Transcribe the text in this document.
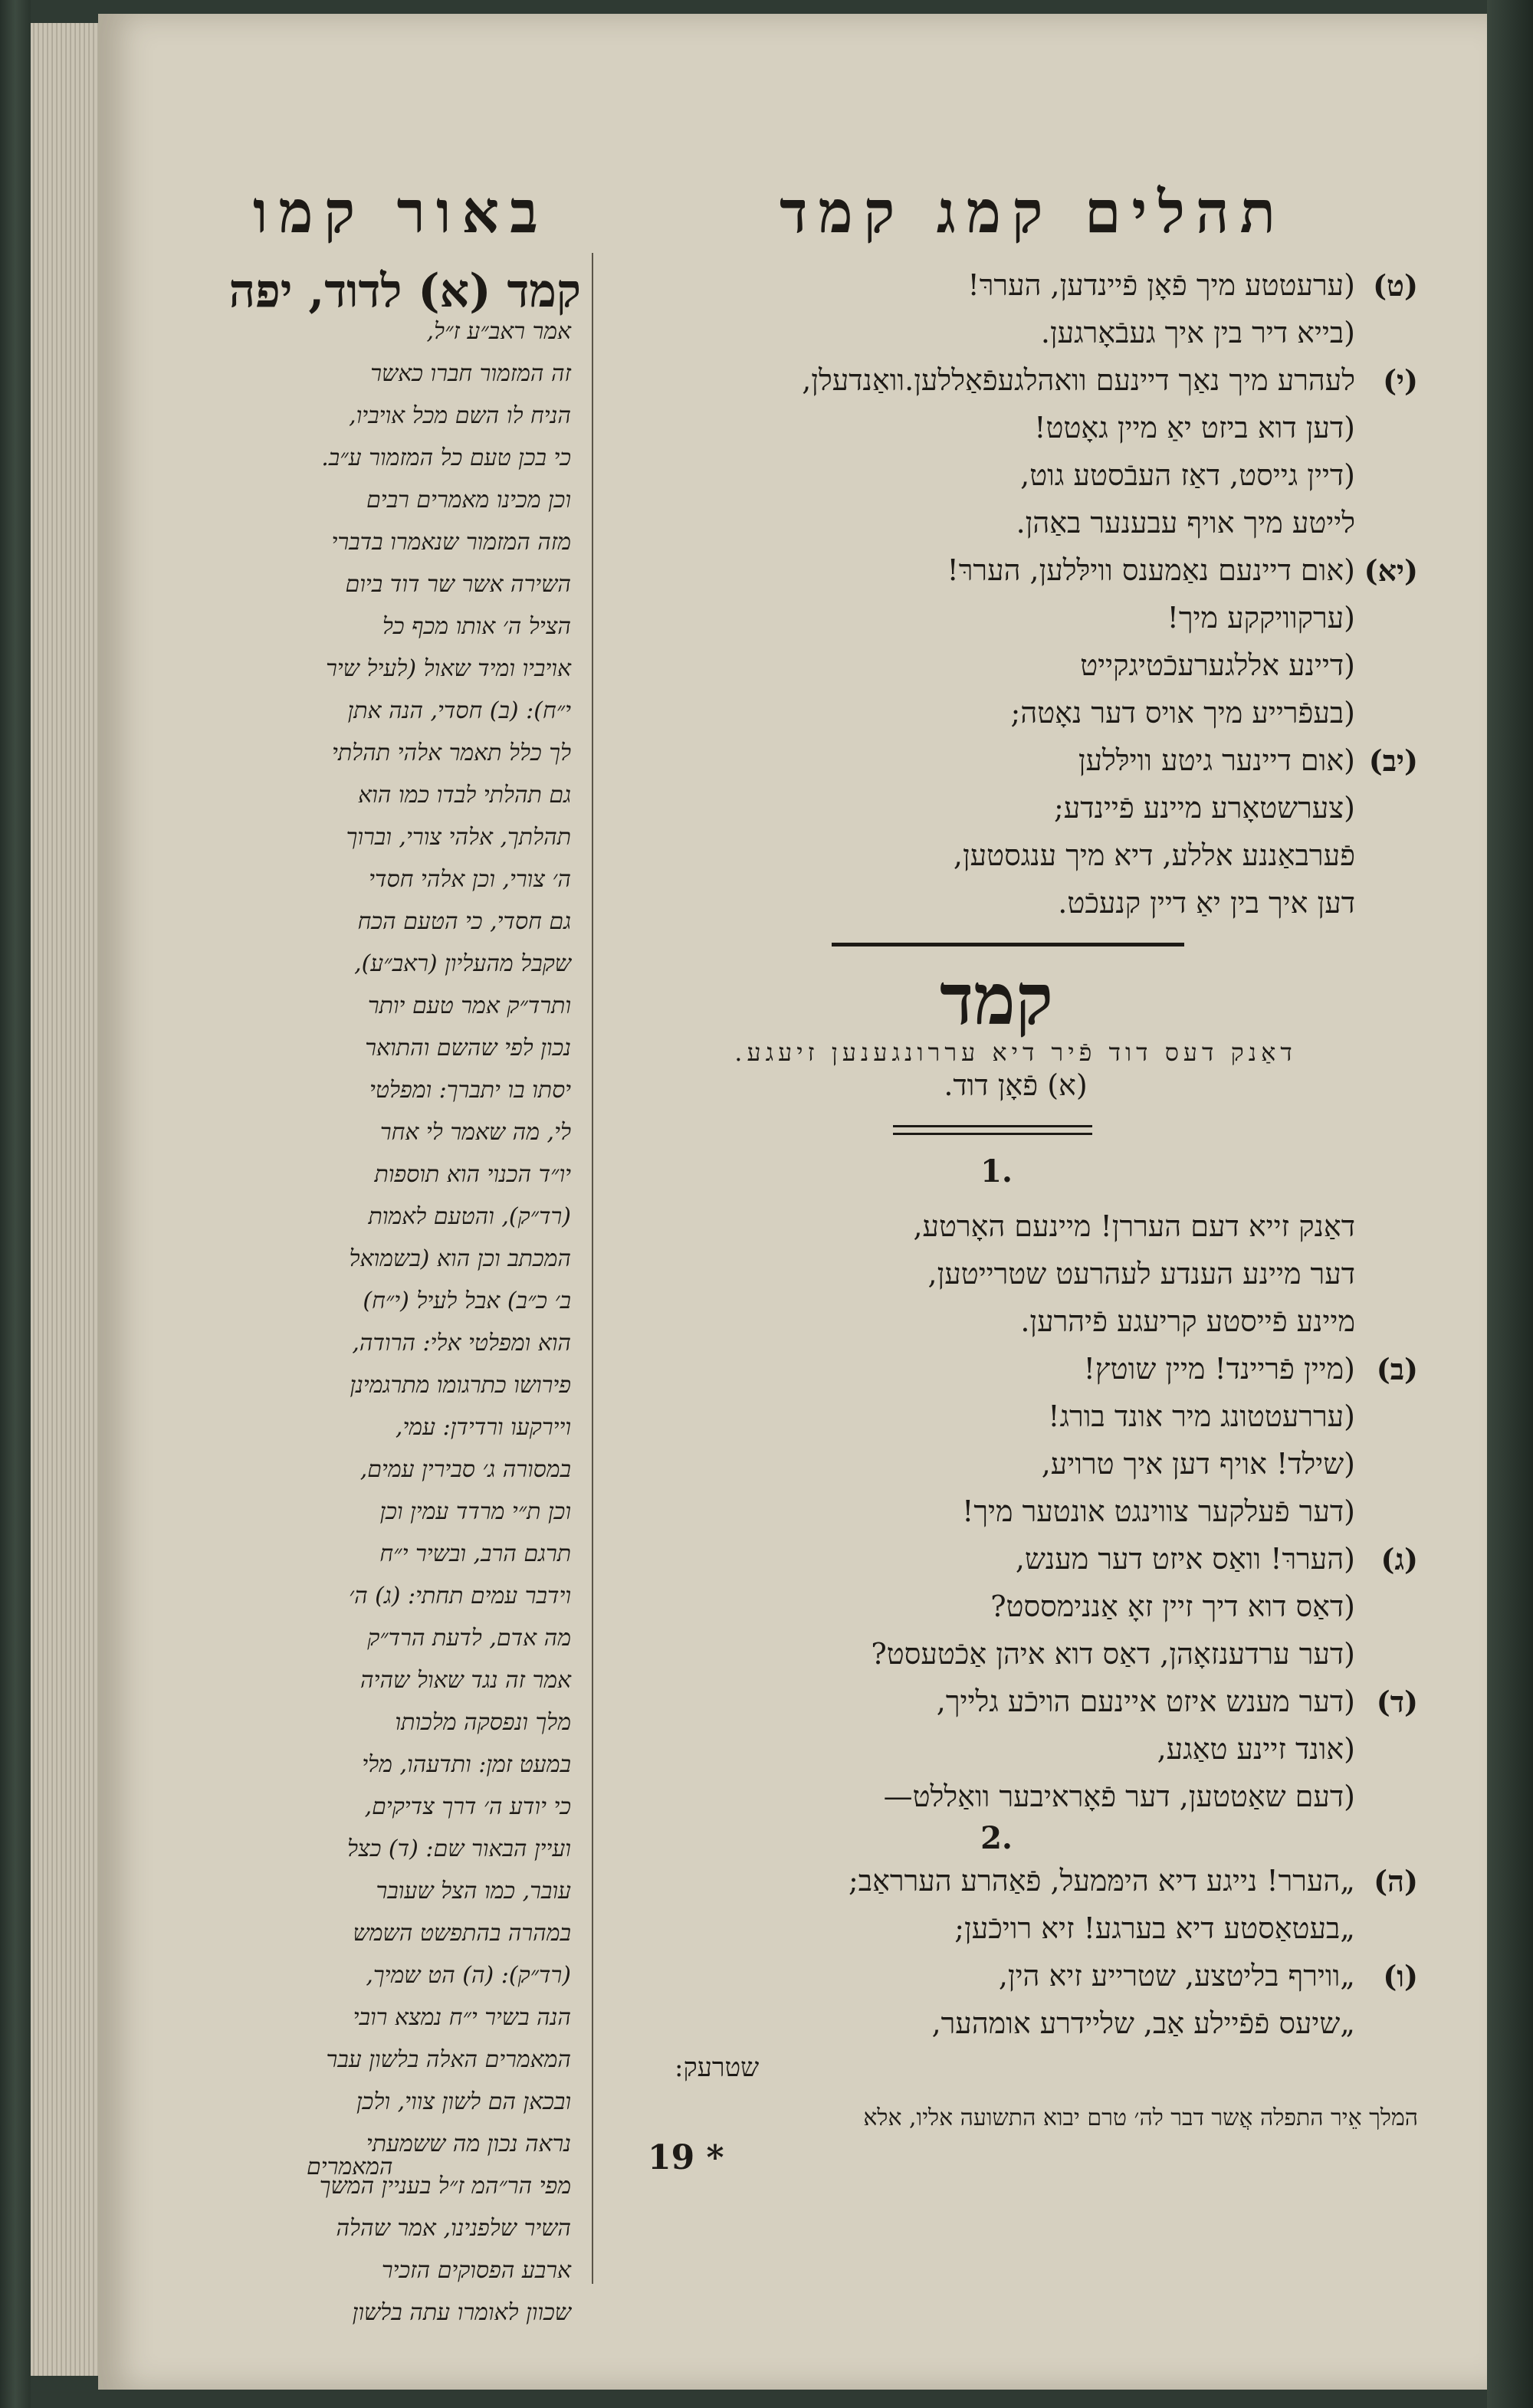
תהלים קמג קמד
באור קמו
(ט)
(ערעטטע מיך פֿאָן פֿיינדען, העררּ!
(בייא דיר בין איך געבֿאָרגען.
(י)
לעהרע מיך נאַך דיינעם וואהלגעפֿאַללען.וואַנדעלן,
(דען דוא ביזט יאַ מיין גאָטט!
(דיין גייסט, דאַז העבֿסטע גוט,
לייטע מיך אויף עבענער באַהן.
(יא)
(אום דיינעם נאַמענס ווילּלען, העררּ!
(ערקוויקקע מיך!
(דיינע אללגערעכֿטיגקייט
(בעפֿרייע מיך אויס דער נאָטה;
(יב)
(אום דיינער גיטע ווילּלען
(צערשטאָרע מיינע פֿיינדע;
פֿערבאַננע אללע, דיא מיך ענגסטען,
דען איך בין יאַ דיין קנעכֿט.
קמד
דאַנק דעס דוד פֿיר דיא עררונגענען זיעגע.
(א) פֿאָן דוד.
1.
דאַנק זייא דעם העררן! מיינעם האָרטע,
דער מיינע הענדע לעהרעט שטרייטען,
מיינע פֿייסטע קריעגע פֿיהרען.
(ב)
(מיין פֿריינד! מיין שוטץ!
(עררעטטונג מיר אונד בורג!
(שילד! אויף דען איך טרויע,
(דער פֿעלקער צווינגט אונטער מיך!
(ג)
(העררּ! וואַס איזט דער מענש,
(דאַס דוא דיך זיין זאָ אַננימססט?
(דער ערדענזאָהן, דאַס דוא איהן אַכֿטעסט?
(ד)
(דער מענש איזט איינעם הויכֿע גלייך,
(אונד זיינע טאַגע,
(דעם שאַטטען, דער פֿאָראיבער וואַללט—
2.
(ה)
„הערר! נייגע דיא הימּמעל, פֿאַהרע הערראַב;
„בעטאַסטע דיא בערגע! זיא רויכֿען;
(ו)
„ווירף בליטצע, שטרייע זיא הין,
„שיעס פֿפֿיילע אַב, שליידרע אומהער,
שטרעק:
המלך אֵיר התפלה אֲשר דבר לה׳ טרם יבוא התשועה אליו, אלא
19 *
קמד (א) לדוד, יפה
אמר ראב״ע ז״ל,
זה המזמור חברו כאשר
הניח לו השם מכל אויביו,
כי בכן טעם כל המזמור ע״ב.
וכן מכינו מאמרים רבים
מזה המזמור שנאמרו בדברי
השירה אשר שר דוד ביום
הציל ה׳ אותו מכף כל
אויביו ומיד שאול (לעיל שיר
י״ח): (ב) חסדי, הנה אתן
לך כלל תאמר אלהי תהלתי
גם תהלתי לבדו כמו הוא
תהלתך, אלהי צורי, וברוך
ה׳ צורי, וכן אלהי חסדי
גם חסדי, כי הטעם הכח
שקבל מהעליון (ראב״ע),
ותרד״ק אמר טעם יותר
נכון לפי שהשם והתואר
יסתו בו יתברך: ומפלטי
לי, מה שאמר לי אחר
יו״ד הכנוי הוא תוספות
(רד״ק), והטעם לאמות
המכתב וכן הוא (בשמואל
ב׳ כ״ב) אבל לעיל (י״ח)
הוא ומפלטי אלי: הרודה,
פירושו כתרגומו מתרגמינן
ויירקעו ורדידן: עמי,
במסורה ג׳ סבירין עמים,
וכן ת״י מרדד עמין וכן
תרגם הרב, ובשיר י״ח
וידבר עמים תחתי: (ג) ה׳
מה אדם, לדעת הרד״ק
אמר זה נגד שאול שהיה
מלך ונפסקה מלכותו
במעט זמן: ותדעהו, מלי
כי יודע ה׳ דרך צדיקים,
ועיין הבאור שם: (ד) כצל
עובר, כמו הצל שעובר
במהרה בהתפשט השמש
(רד״ק): (ה) הט שמיך,
הנה בשיר י״ח נמצא רובי
המאמרים האלה בלשון עבר
ובכאן הם לשון צווי, ולכן
נראה נכון מה ששמעתי
מפי הר״המ ז״ל בעניין המשך
השיר שלפנינו, אמר שהלה
ארבע הפסוקים הזכיר
שכוון לאומרו עתה בלשון
המאמרים
